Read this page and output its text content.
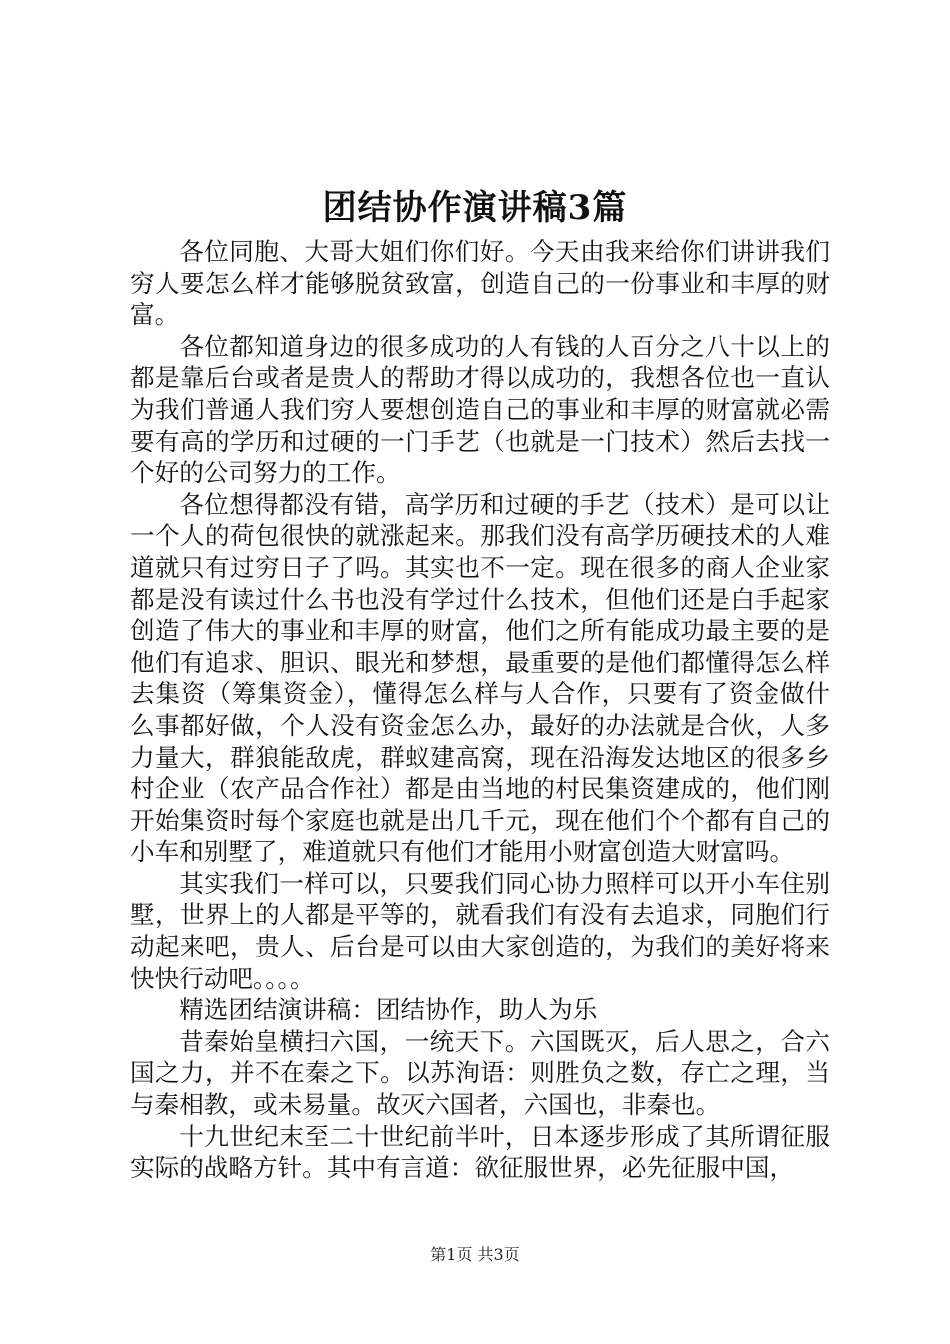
团结协作演讲稿3篇

各位同胞、大哥大姐们你们好。今天由我来给你们讲讲我们穷人要怎么样才能够脱贫致富，创造自己的一份事业和丰厚的财富。

各位都知道身边的很多成功的人有钱的人百分之八十以上的都是靠后台或者是贵人的帮助才得以成功的，我想各位也一直认为我们普通人我们穷人要想创造自己的事业和丰厚的财富就必需要有高的学历和过硬的一门手艺（也就是一门技术）然后去找一个好的公司努力的工作。

各位想得都没有错，高学历和过硬的手艺（技术）是可以让一个人的荷包很快的就涨起来。那我们没有高学历硬技术的人难道就只有过穷日子了吗。其实也不一定。现在很多的商人企业家都是没有读过什么书也没有学过什么技术，但他们还是白手起家创造了伟大的事业和丰厚的财富，他们之所有能成功最主要的是他们有追求、胆识、眼光和梦想，最重要的是他们都懂得怎么样去集资（筹集资金），懂得怎么样与人合作，只要有了资金做什么事都好做，个人没有资金怎么办，最好的办法就是合伙，人多力量大，群狼能敌虎，群蚁建高窝，现在沿海发达地区的很多乡村企业（农产品合作社）都是由当地的村民集资建成的，他们刚开始集资时每个家庭也就是出几千元，现在他们个个都有自己的小车和别墅了，难道就只有他们才能用小财富创造大财富吗。

其实我们一样可以，只要我们同心协力照样可以开小车住别墅，世界上的人都是平等的，就看我们有没有去追求，同胞们行动起来吧，贵人、后台是可以由大家创造的，为我们的美好将来快快行动吧。。。。

精选团结演讲稿：团结协作，助人为乐

昔秦始皇横扫六国，一统天下。六国既灭，后人思之，合六国之力，并不在秦之下。以苏洵语：则胜负之数，存亡之理，当与秦相教，或未易量。故灭六国者，六国也，非秦也。

十九世纪末至二十世纪前半叶，日本逐步形成了其所谓征服实际的战略方针。其中有言道：欲征服世界，必先征服中国，

第1页 共3页
